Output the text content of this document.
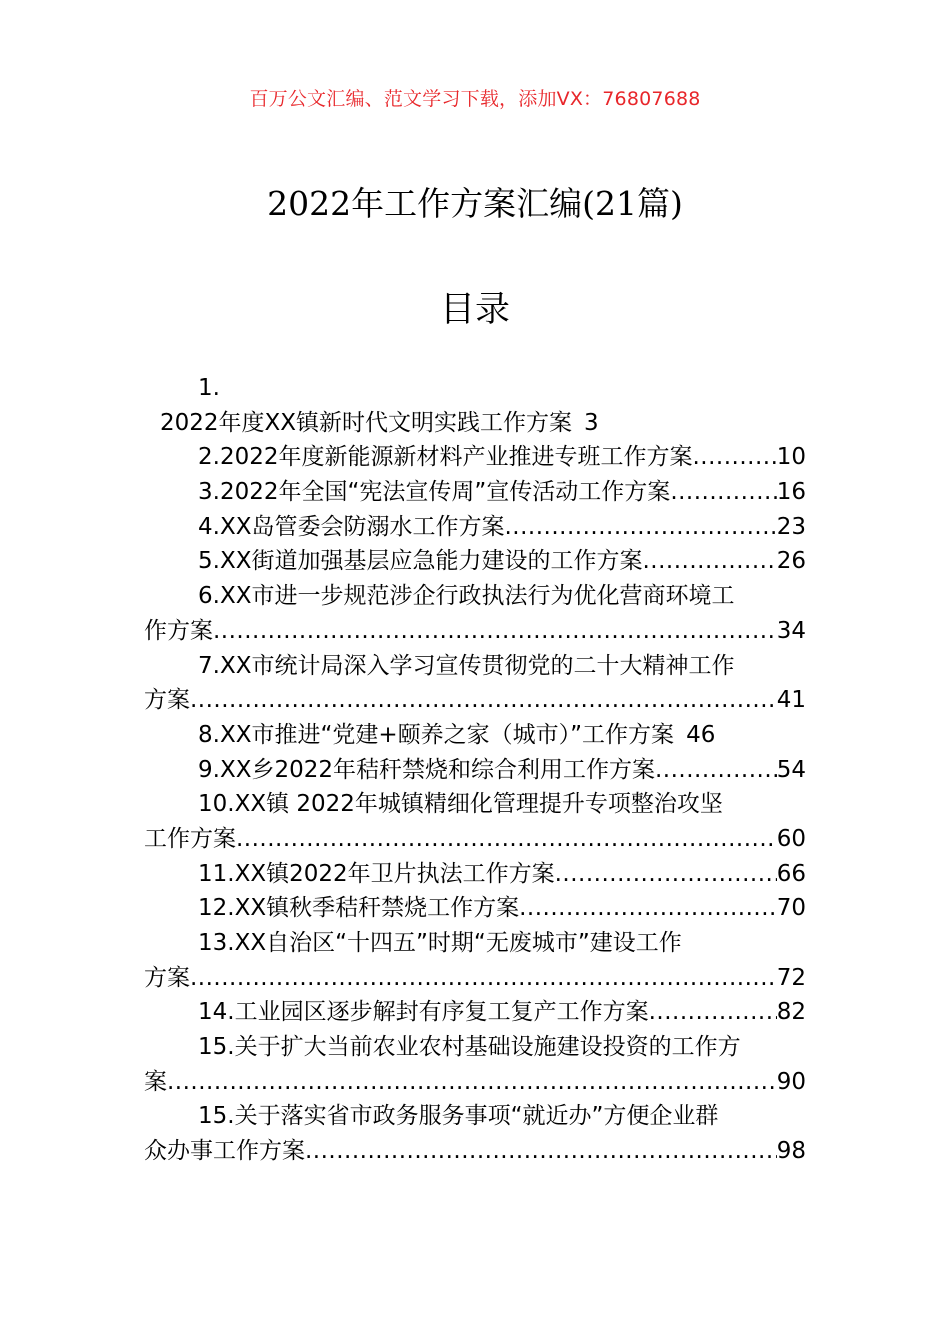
百万公文汇编、范文学习下载，添加VX：76807688
2022年工作方案汇编(21篇)
目录
1.
2022年度XX镇新时代文明实践工作方案 3
2.2022年度新能源新材料产业推进专班工作方案 .....	10
3.2022年全国“宪法宣传周”宣传活动工作方案 .....	16
4.XX岛管委会防溺水工作方案 .....	23
5.XX街道加强基层应急能力建设的工作方案 .....	26
6.XX市进一步规范涉企行政执法行为优化营商环境工
作方案 .....	34
7.XX市统计局深入学习宣传贯彻党的二十大精神工作
方案 .....	41
8.XX市推进“党建+颐养之家（城市）”工作方案 46
9.XX乡2022年秸秆禁烧和综合利用工作方案 .....	54
10.XX镇 2022年城镇精细化管理提升专项整治攻坚
工作方案 .....	60
11.XX镇2022年卫片执法工作方案 .....	66
12.XX镇秋季秸秆禁烧工作方案 .....	70
13.XX自治区“十四五”时期“无废城市”建设工作
方案 .....	72
14.工业园区逐步解封有序复工复产工作方案 .....	82
15.关于扩大当前农业农村基础设施建设投资的工作方
案 .....	90
15.关于落实省市政务服务事项“就近办”方便企业群
众办事工作方案 .....	98
